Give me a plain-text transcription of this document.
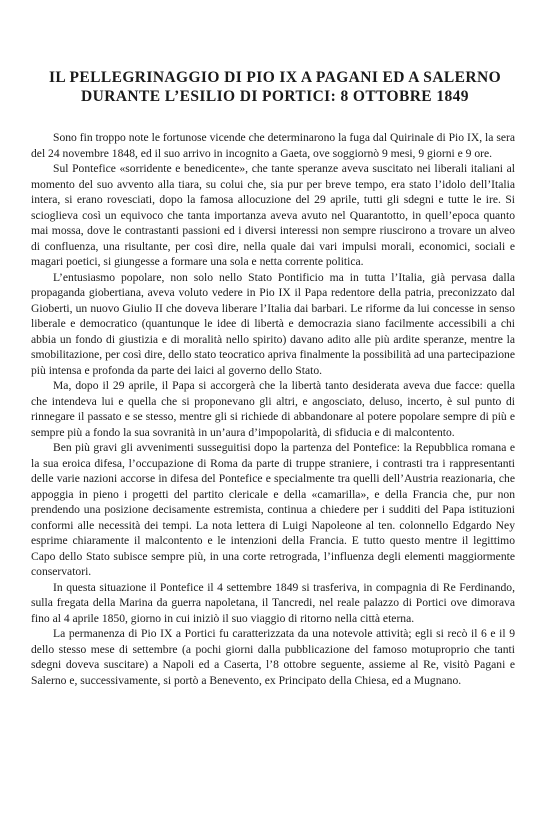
IL PELLEGRINAGGIO DI PIO IX A PAGANI ED A SALERNO
DURANTE L’ESILIO DI PORTICI: 8 OTTOBRE 1849

Sono fin troppo note le fortunose vicende che determinarono la fuga dal Quirinale di Pio IX, la sera del 24 novembre 1848, ed il suo arrivo in incognito a Gaeta, ove soggiornò 9 mesi, 9 giorni e 9 ore.

Sul Pontefice «sorridente e benedicente», che tante speranze aveva suscitato nei liberali italiani al momento del suo avvento alla tiara, su colui che, sia pur per breve tempo, era stato l’idolo dell’Italia intera, si erano rovesciati, dopo la famosa allocuzione del 29 aprile, tutti gli sdegni e tutte le ire. Si scioglieva così un equivoco che tanta importanza aveva avuto nel Quarantotto, in quell’epoca quanto mai mossa, dove le contrastanti passioni ed i diversi interessi non sempre riuscirono a trovare un alveo di confluenza, una risultante, per così dire, nella quale dai vari impulsi morali, economici, sociali e magari poetici, si giungesse a formare una sola e netta corrente politica.

L’entusiasmo popolare, non solo nello Stato Pontificio ma in tutta l’Italia, già pervasa dalla propaganda giobertiana, aveva voluto vedere in Pio IX il Papa redentore della patria, preconizzato dal Gioberti, un nuovo Giulio II che doveva liberare l’Italia dai barbari. Le riforme da lui concesse in senso liberale e democratico (quantunque le idee di libertà e democrazia siano facilmente accessibili a chi abbia un fondo di giustizia e di moralità nello spirito) davano adito alle più ardite speranze, mentre la smobilitazione, per così dire, dello stato teocratico apriva finalmente la possibilità ad una partecipazione più intensa e profonda da parte dei laici al governo dello Stato.

Ma, dopo il 29 aprile, il Papa si accorgerà che la libertà tanto desiderata aveva due facce: quella che intendeva lui e quella che si proponevano gli altri, e angosciato, deluso, incerto, è sul punto di rinnegare il passato e se stesso, mentre gli si richiede di abbandonare al potere popolare sempre di più e sempre più a fondo la sua sovranità in un’aura d’impopolarità, di sfiducia e di malcontento.

Ben più gravi gli avvenimenti susseguitisi dopo la partenza del Pontefice: la Repubblica romana e la sua eroica difesa, l’occupazione di Roma da parte di truppe straniere, i contrasti tra i rappresentanti delle varie nazioni accorse in difesa del Pontefice e specialmente tra quelli dell’Austria reazionaria, che appoggia in pieno i progetti del partito clericale e della «camarilla», e della Francia che, pur non prendendo una posizione decisamente estremista, continua a chiedere per i sudditi del Papa istituzioni conformi alle necessità dei tempi. La nota lettera di Luigi Napoleone al ten. colonnello Edgardo Ney esprime chiaramente il malcontento e le intenzioni della Francia. E tutto questo mentre il legittimo Capo dello Stato subisce sempre più, in una corte retrograda, l’influenza degli elementi maggiormente conservatori.

In questa situazione il Pontefice il 4 settembre 1849 si trasferiva, in compagnia di Re Ferdinando, sulla fregata della Marina da guerra napoletana, il Tancredi, nel reale palazzo di Portici ove dimorava fino al 4 aprile 1850, giorno in cui iniziò il suo viaggio di ritorno nella città eterna.

La permanenza di Pio IX a Portici fu caratterizzata da una notevole attività; egli si recò il 6 e il 9 dello stesso mese di settembre (a pochi giorni dalla pubblicazione del famoso motuproprio che tanti sdegni doveva suscitare) a Napoli ed a Caserta, l’8 ottobre seguente, assieme al Re, visitò Pagani e Salerno e, successivamente, si portò a Benevento, ex Principato della Chiesa, ed a Mugnano.
